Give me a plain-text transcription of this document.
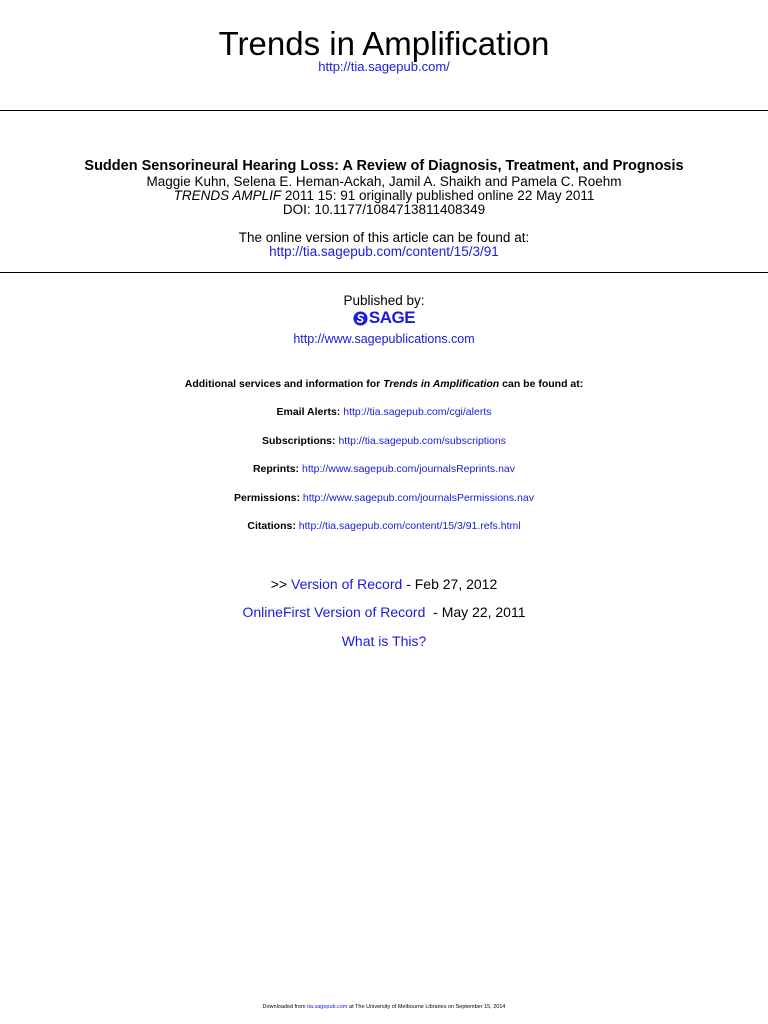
Trends in Amplification
http://tia.sagepub.com/
Sudden Sensorineural Hearing Loss: A Review of Diagnosis, Treatment, and Prognosis
Maggie Kuhn, Selena E. Heman-Ackah, Jamil A. Shaikh and Pamela C. Roehm
TRENDS AMPLIF 2011 15: 91 originally published online 22 May 2011
DOI: 10.1177/1084713811408349
The online version of this article can be found at:
http://tia.sagepub.com/content/15/3/91
Published by:
SAGE
http://www.sagepublications.com
Additional services and information for Trends in Amplification can be found at:
Email Alerts: http://tia.sagepub.com/cgi/alerts
Subscriptions: http://tia.sagepub.com/subscriptions
Reprints: http://www.sagepub.com/journalsReprints.nav
Permissions: http://www.sagepub.com/journalsPermissions.nav
Citations: http://tia.sagepub.com/content/15/3/91.refs.html
>> Version of Record - Feb 27, 2012
OnlineFirst Version of Record - May 22, 2011
What is This?
Downloaded from tia.sagepub.com at The University of Melbourne Libraries on September 15, 2014
